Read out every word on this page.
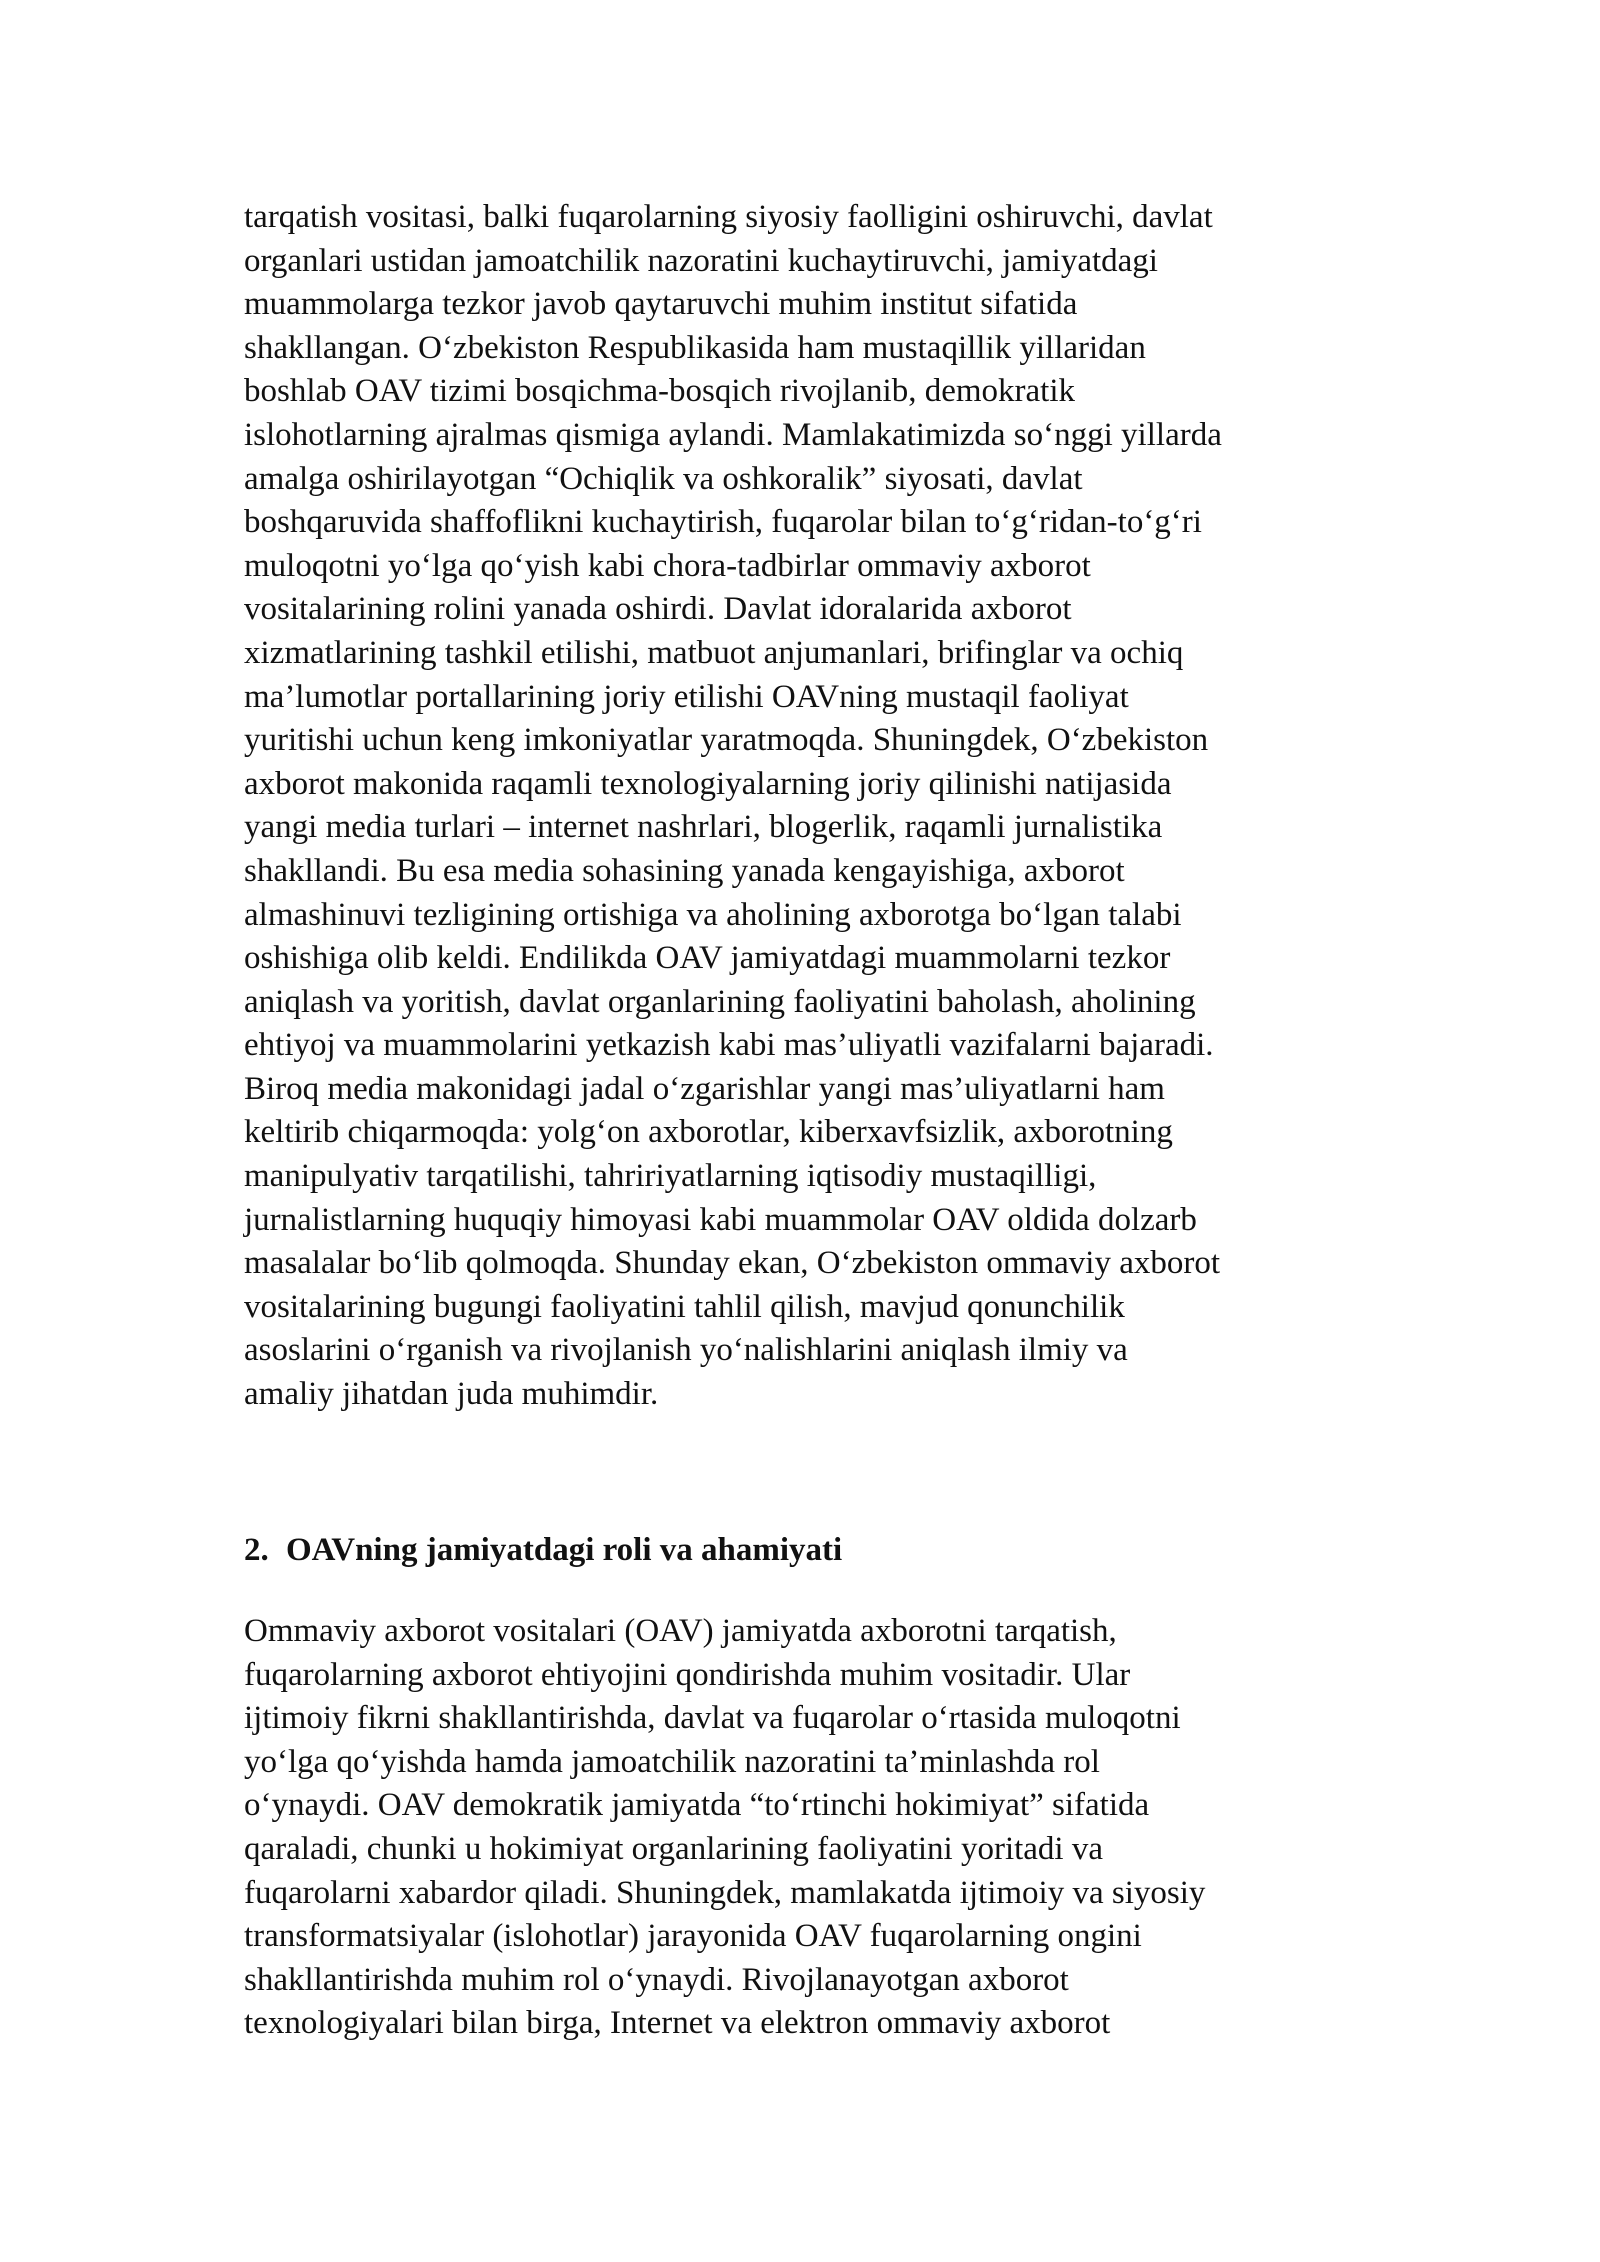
tarqatish vositasi, balki fuqarolarning siyosiy faolligini oshiruvchi, davlat
organlari ustidan jamoatchilik nazoratini kuchaytiruvchi, jamiyatdagi
muammolarga tezkor javob qaytaruvchi muhim institut sifatida
shakllangan. O‘zbekiston Respublikasida ham mustaqillik yillaridan
boshlab OAV tizimi bosqichma-bosqich rivojlanib, demokratik
islohotlarning ajralmas qismiga aylandi. Mamlakatimizda so‘nggi yillarda
amalga oshirilayotgan “Ochiqlik va oshkoralik” siyosati, davlat
boshqaruvida shaffoflikni kuchaytirish, fuqarolar bilan to‘g‘ridan-to‘g‘ri
muloqotni yo‘lga qo‘yish kabi chora-tadbirlar ommaviy axborot
vositalarining rolini yanada oshirdi. Davlat idoralarida axborot
xizmatlarining tashkil etilishi, matbuot anjumanlari, brifinglar va ochiq
ma’lumotlar portallarining joriy etilishi OAVning mustaqil faoliyat
yuritishi uchun keng imkoniyatlar yaratmoqda. Shuningdek, O‘zbekiston
axborot makonida raqamli texnologiyalarning joriy qilinishi natijasida
yangi media turlari – internet nashrlari, blogerlik, raqamli jurnalistika
shakllandi. Bu esa media sohasining yanada kengayishiga, axborot
almashinuvi tezligining ortishiga va aholining axborotga bo‘lgan talabi
oshishiga olib keldi. Endilikda OAV jamiyatdagi muammolarni tezkor
aniqlash va yoritish, davlat organlarining faoliyatini baholash, aholining
ehtiyoj va muammolarini yetkazish kabi mas’uliyatli vazifalarni bajaradi.
Biroq media makonidagi jadal o‘zgarishlar yangi mas’uliyatlarni ham
keltirib chiqarmoqda: yolg‘on axborotlar, kiberxavfsizlik, axborotning
manipulyativ tarqatilishi, tahririyatlarning iqtisodiy mustaqilligi,
jurnalistlarning huquqiy himoyasi kabi muammolar OAV oldida dolzarb
masalalar bo‘lib qolmoqda. Shunday ekan, O‘zbekiston ommaviy axborot
vositalarining bugungi faoliyatini tahlil qilish, mavjud qonunchilik
asoslarini o‘rganish va rivojlanish yo‘nalishlarini aniqlash ilmiy va
amaliy jihatdan juda muhimdir.
2. OAVning jamiyatdagi roli va ahamiyati
Ommaviy axborot vositalari (OAV) jamiyatda axborotni tarqatish,
fuqarolarning axborot ehtiyojini qondirishda muhim vositadir. Ular
ijtimoiy fikrni shakllantirishda, davlat va fuqarolar o‘rtasida muloqotni
yo‘lga qo‘yishda hamda jamoatchilik nazoratini ta’minlashda rol
o‘ynaydi. OAV demokratik jamiyatda “to‘rtinchi hokimiyat” sifatida
qaraladi, chunki u hokimiyat organlarining faoliyatini yoritadi va
fuqarolarni xabardor qiladi. Shuningdek, mamlakatda ijtimoiy va siyosiy
transformatsiyalar (islohotlar) jarayonida OAV fuqarolarning ongini
shakllantirishda muhim rol o‘ynaydi. Rivojlanayotgan axborot
texnologiyalari bilan birga, Internet va elektron ommaviy axborot
